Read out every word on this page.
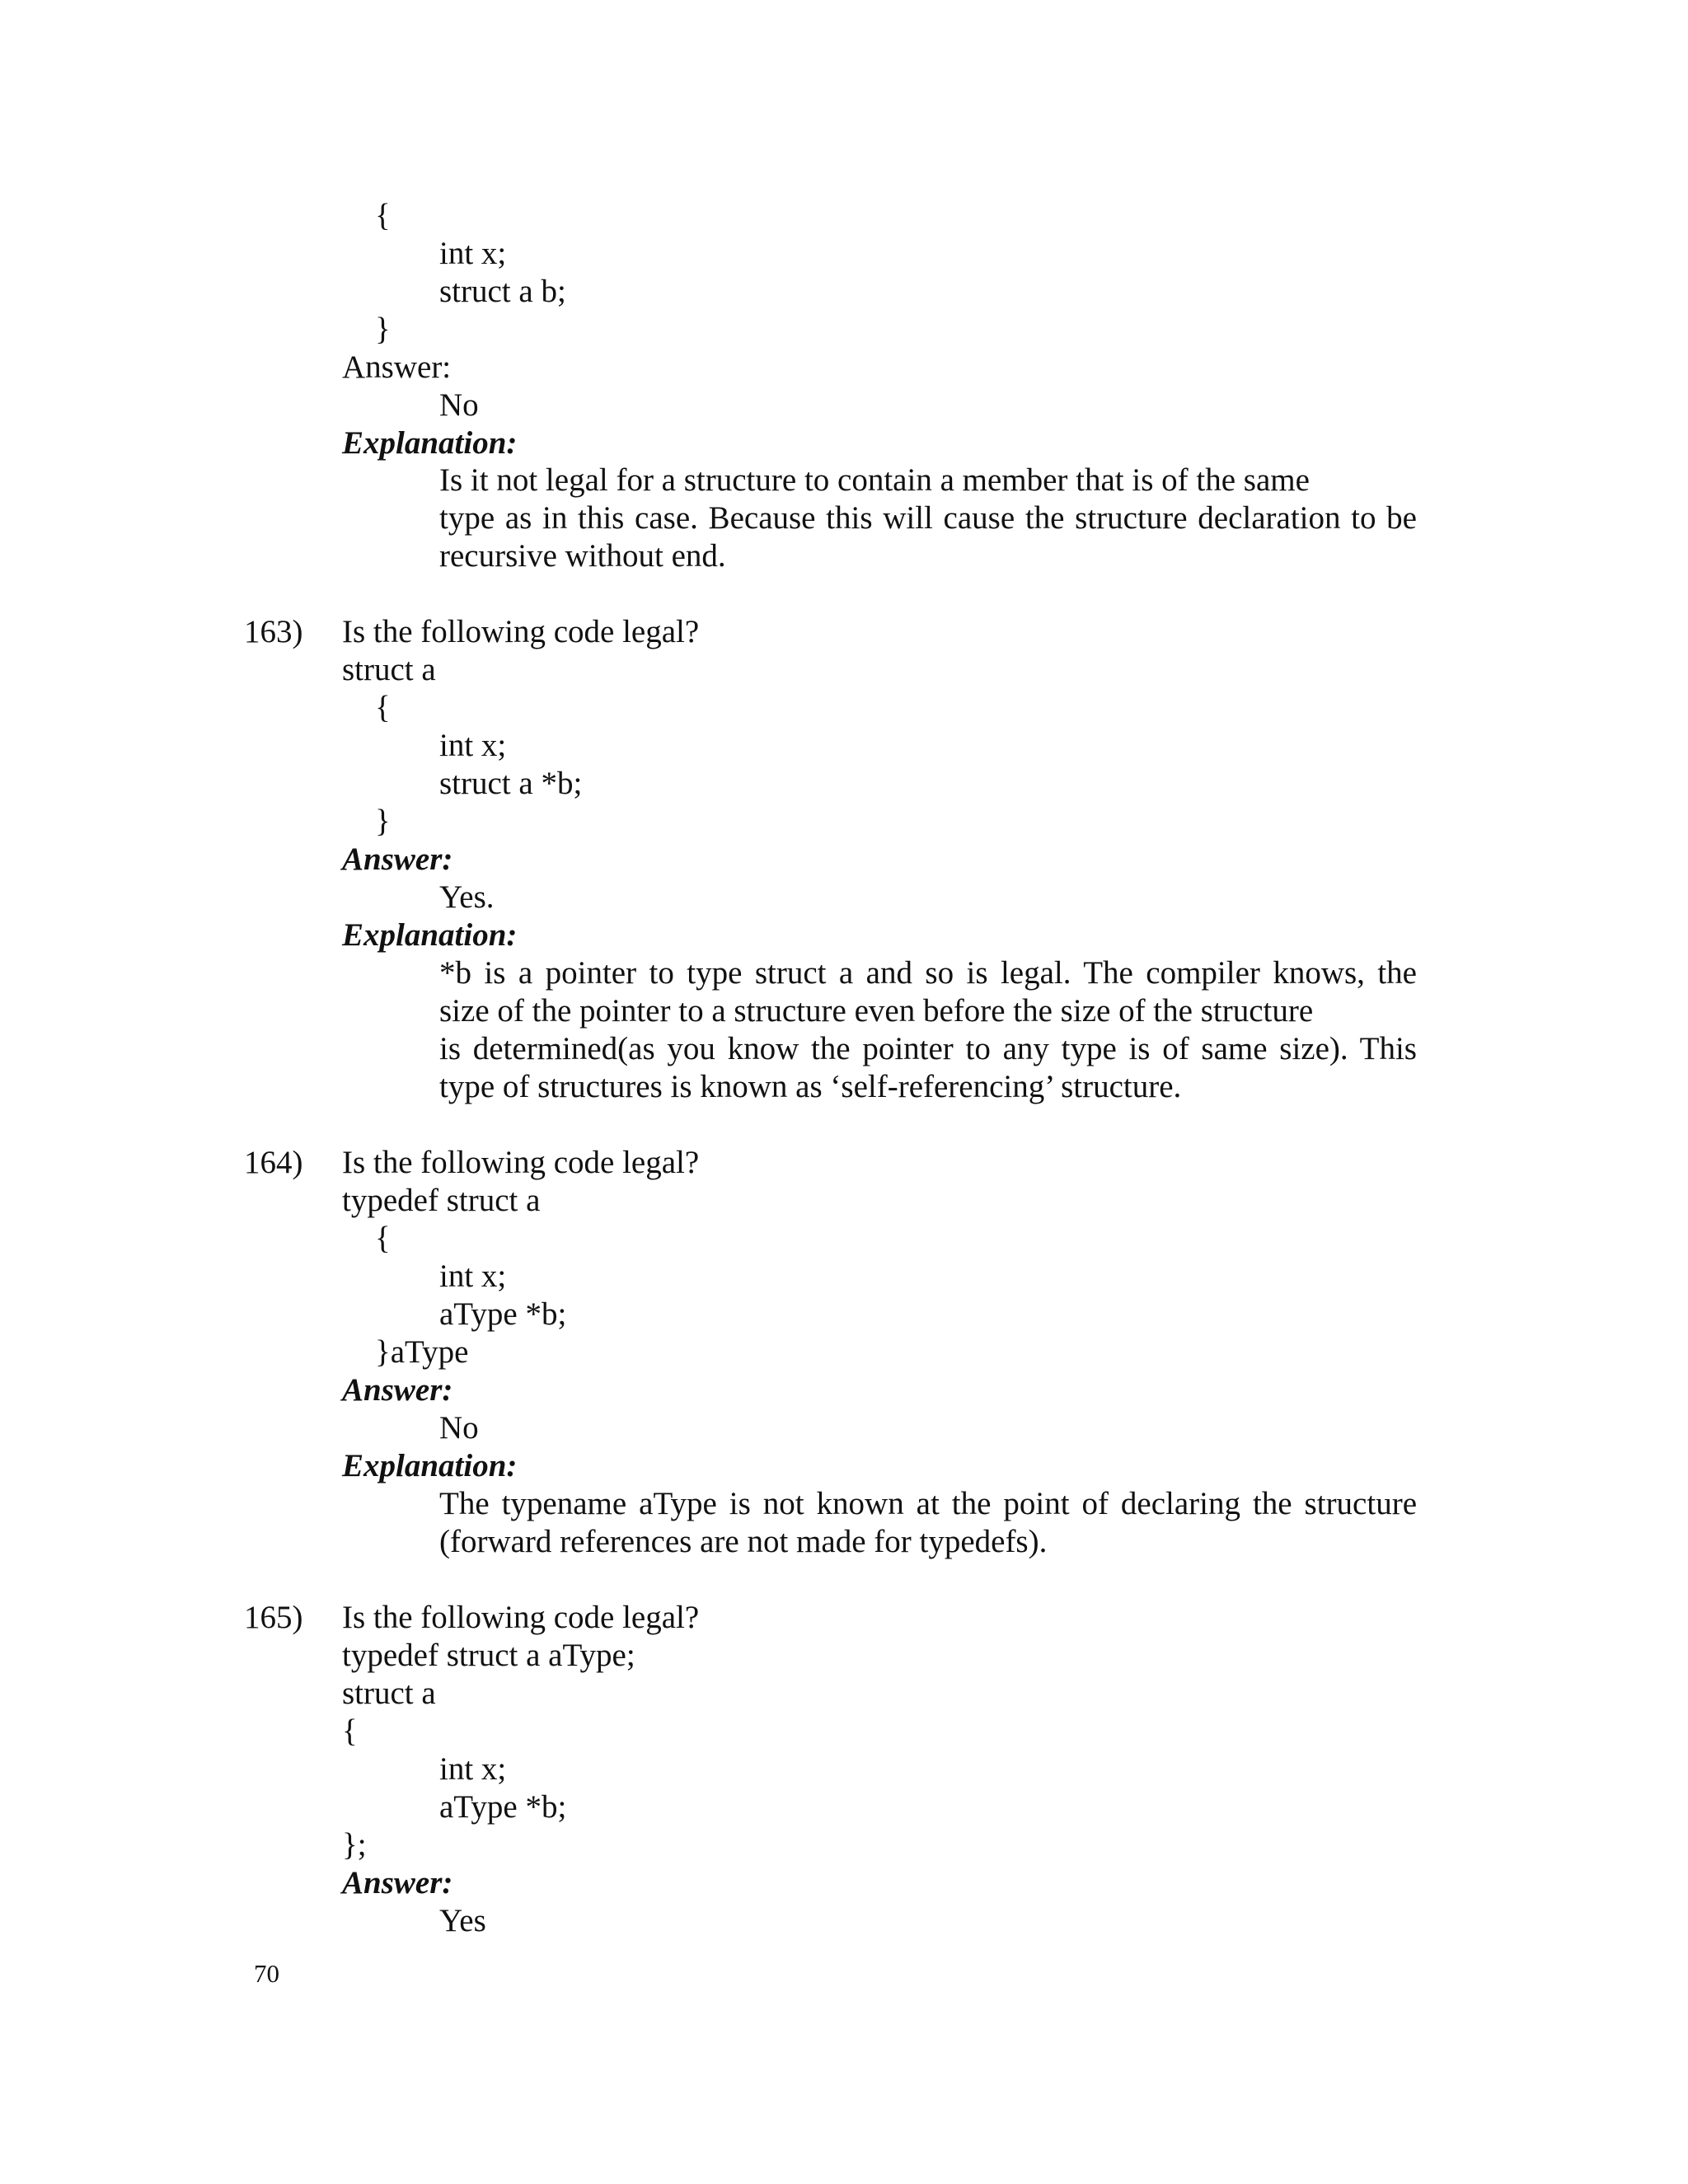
{
int x;
struct a b;
}
Answer:
No
Explanation:
Is it not legal for a structure to contain a member that is of the same
type as in this case. Because this will cause the structure declaration to be
recursive without end.
163) Is the following code legal?
struct a
{
int x;
struct a *b;
}
Answer:
Yes.
Explanation:
*b is a pointer to type struct a and so is legal. The compiler knows, the
size of the pointer to a structure even before the size of the structure
is determined(as you know the pointer to any type is of same size). This
type of structures is known as ‘self-referencing’ structure.
164) Is the following code legal?
typedef struct a
{
int x;
aType *b;
}aType
Answer:
No
Explanation:
The typename aType is not known at the point of declaring the structure
(forward references are not made for typedefs).
165) Is the following code legal?
typedef struct a aType;
struct a
{
int x;
aType *b;
};
Answer:
Yes
70
